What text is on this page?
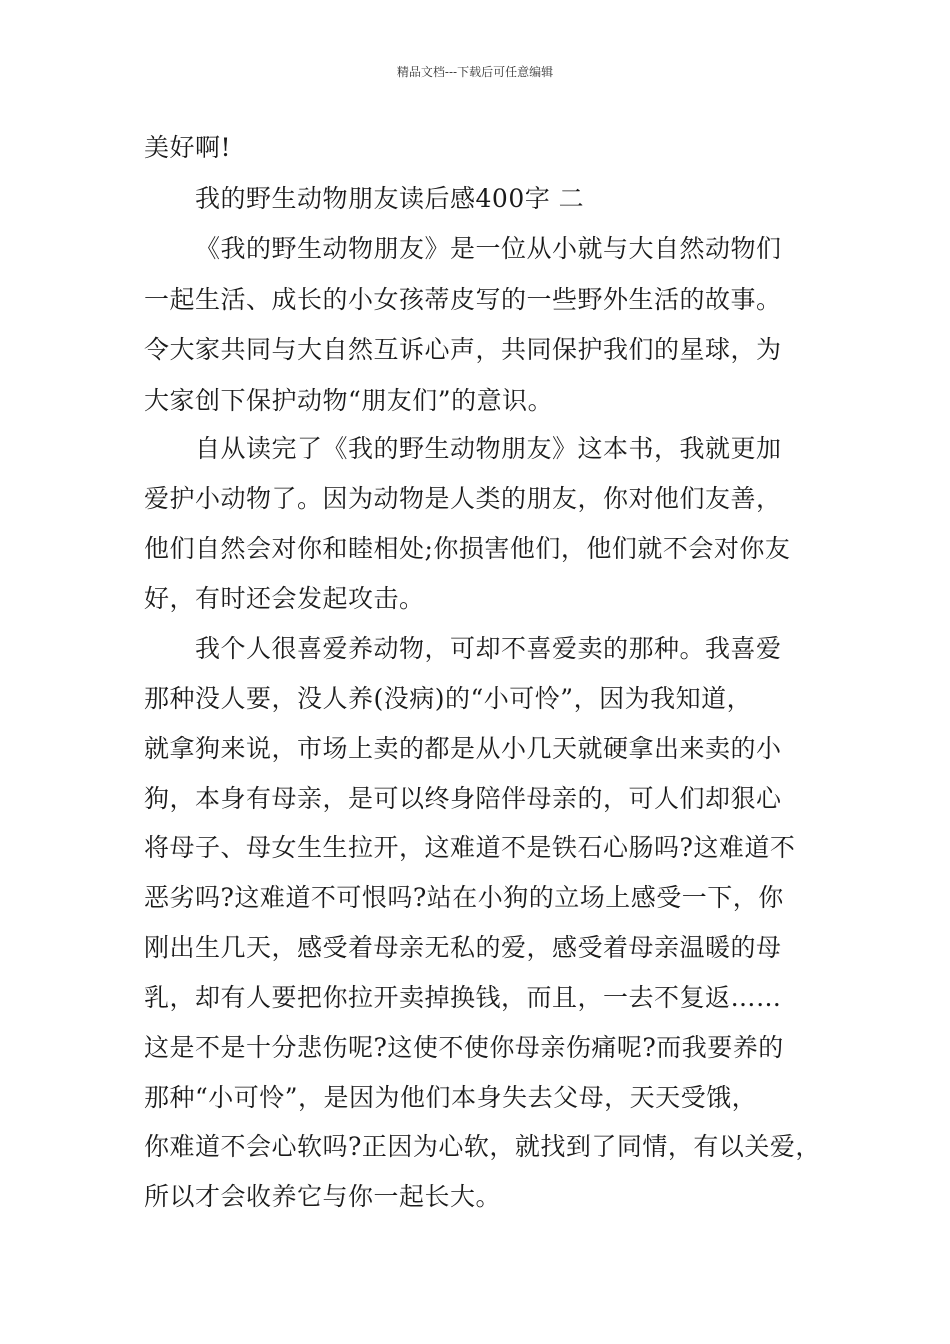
精品文档---下载后可任意编辑
美好啊!
我的野生动物朋友读后感400字 二
《我的野生动物朋友》是一位从小就与大自然动物们
一起生活、成长的小女孩蒂皮写的一些野外生活的故事。
令大家共同与大自然互诉心声，共同保护我们的星球，为
大家创下保护动物“朋友们”的意识。
自从读完了《我的野生动物朋友》这本书，我就更加
爱护小动物了。因为动物是人类的朋友，你对他们友善，
他们自然会对你和睦相处;你损害他们，他们就不会对你友
好，有时还会发起攻击。
我个人很喜爱养动物，可却不喜爱卖的那种。我喜爱
那种没人要，没人养(没病)的“小可怜”，因为我知道，
就拿狗来说，市场上卖的都是从小几天就硬拿出来卖的小
狗，本身有母亲，是可以终身陪伴母亲的，可人们却狠心
将母子、母女生生拉开，这难道不是铁石心肠吗?这难道不
恶劣吗?这难道不可恨吗?站在小狗的立场上感受一下，你
刚出生几天，感受着母亲无私的爱，感受着母亲温暖的母
乳，却有人要把你拉开卖掉换钱，而且，一去不复返……
这是不是十分悲伤呢?这使不使你母亲伤痛呢?而我要养的
那种“小可怜”，是因为他们本身失去父母，天天受饿，
你难道不会心软吗?正因为心软，就找到了同情，有以关爱，
所以才会收养它与你一起长大。
